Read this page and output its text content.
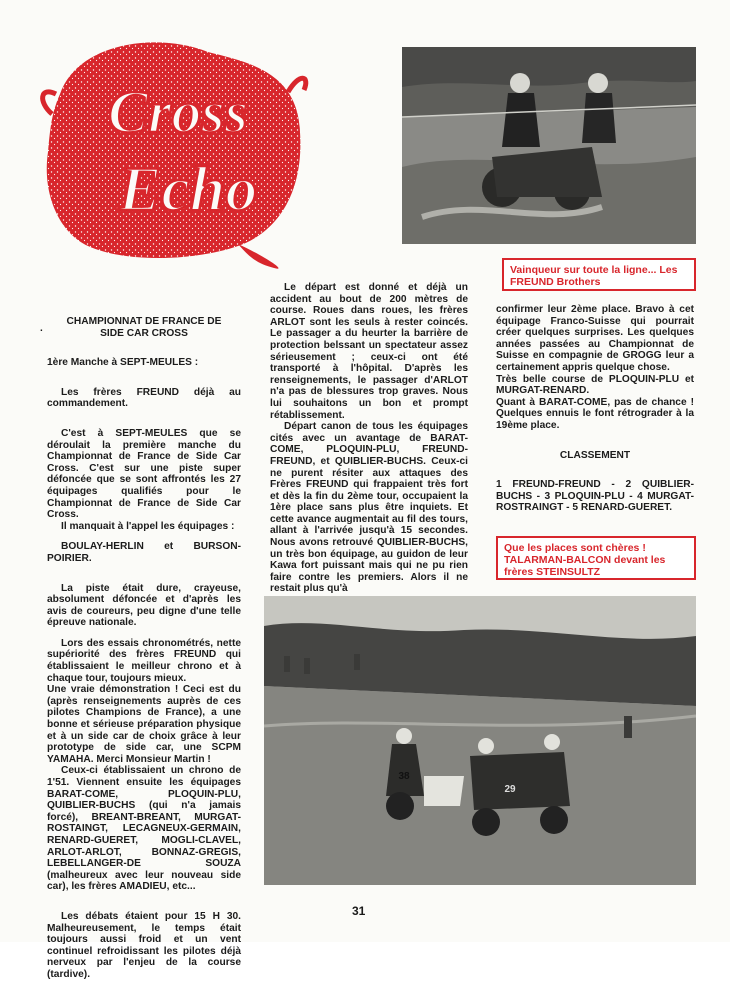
Cross
Echo
Vainqueur sur toute la ligne... Les FREUND Brothers
.

CHAMPIONNAT DE FRANCE DE SIDE CAR CROSS

1ère Manche à SEPT-MEULES :

Les frères FREUND déjà au commandement.

C'est à SEPT-MEULES que se déroulait la première manche du Championnat de France de Side Car Cross. C'est sur une piste super défoncée que se sont affrontés les 27 équipages qualifiés pour le Championnat de France de Side Car Cross.

Il manquait à l'appel les équipages :

BOULAY-HERLIN et BURSON-POIRIER.

La piste était dure, crayeuse, absolument défoncée et d'après les avis de coureurs, peu digne d'une telle épreuve nationale.

Lors des essais chronométrés, nette supériorité des frères FREUND qui établissaient le meilleur chrono et à chaque tour, toujours mieux.

Une vraie démonstration ! Ceci est du (après renseignements auprès de ces pilotes Champions de France), a une bonne et sérieuse préparation physique et à un side car de choix grâce à leur prototype de side car, une SCPM YAMAHA. Merci Monsieur Martin !

Ceux-ci établissaient un chrono de 1'51. Viennent ensuite les équipages BARAT-COME, PLOQUIN-PLU, QUIBLIER-BUCHS (qui n'a jamais forcé), BREANT-BREANT, MURGAT-ROSTAINGT, LECAGNEUX-GERMAIN, RENARD-GUERET, MOGLI-CLAVEL, ARLOT-ARLOT, BONNAZ-GREGIS, LEBELLANGER-DE SOUZA (malheureux avec leur nouveau side car), les frères AMADIEU, etc...

Les débats étaient pour 15 H 30. Malheureusement, le temps était toujours aussi froid et un vent continuel refroidissant les pilotes déjà nerveux par l'enjeu de la course (tardive).

Le départ est donné et déjà un accident au bout de 200 mètres de course. Roues dans roues, les frères ARLOT sont les seuls à rester coincés. Le passager a du heurter la barrière de protection belssant un spectateur assez sérieusement ; ceux-ci ont été transporté à l'hôpital. D'après les renseignements, le passager d'ARLOT n'a pas de blessures trop graves. Nous lui souhaitons un bon et prompt rétablissement.

Départ canon de tous les équipages cités avec un avantage de BARAT-COME, PLOQUIN-PLU, FREUND-FREUND, et QUIBLIER-BUCHS. Ceux-ci ne purent résiter aux attaques des Frères FREUND qui frappaient très fort et dès la fin du 2ème tour, occupaient la 1ère place sans plus être inquiets. Et cette avance augmentait au fil des tours, allant à l'arrivée jusqu'à 15 secondes. Nous avons retrouvé QUIBLIER-BUCHS, un très bon équipage, au guidon de leur Kawa fort puissant mais qui ne pu rien faire contre les premiers. Alors il ne restait plus qu'à

confirmer leur 2ème place. Bravo à cet équipage Franco-Suisse qui pourrait créer quelques surprises. Les quelques années passées au Championnat de Suisse en compagnie de GROGG leur a certainement appris quelque chose.

Très belle course de PLOQUIN-PLU et MURGAT-RENARD.

Quant à BARAT-COME, pas de chance ! Quelques ennuis le font rétrograder à la 19ème place.

CLASSEMENT

1 FREUND-FREUND - 2 QUIBLIER-BUCHS - 3 PLOQUIN-PLU - 4 MURGAT-ROSTRAINGT - 5 RENARD-GUERET.

Que les places sont chères ! TALARMAN-BALCON devant les frères STEINSULTZ
38
29
31
